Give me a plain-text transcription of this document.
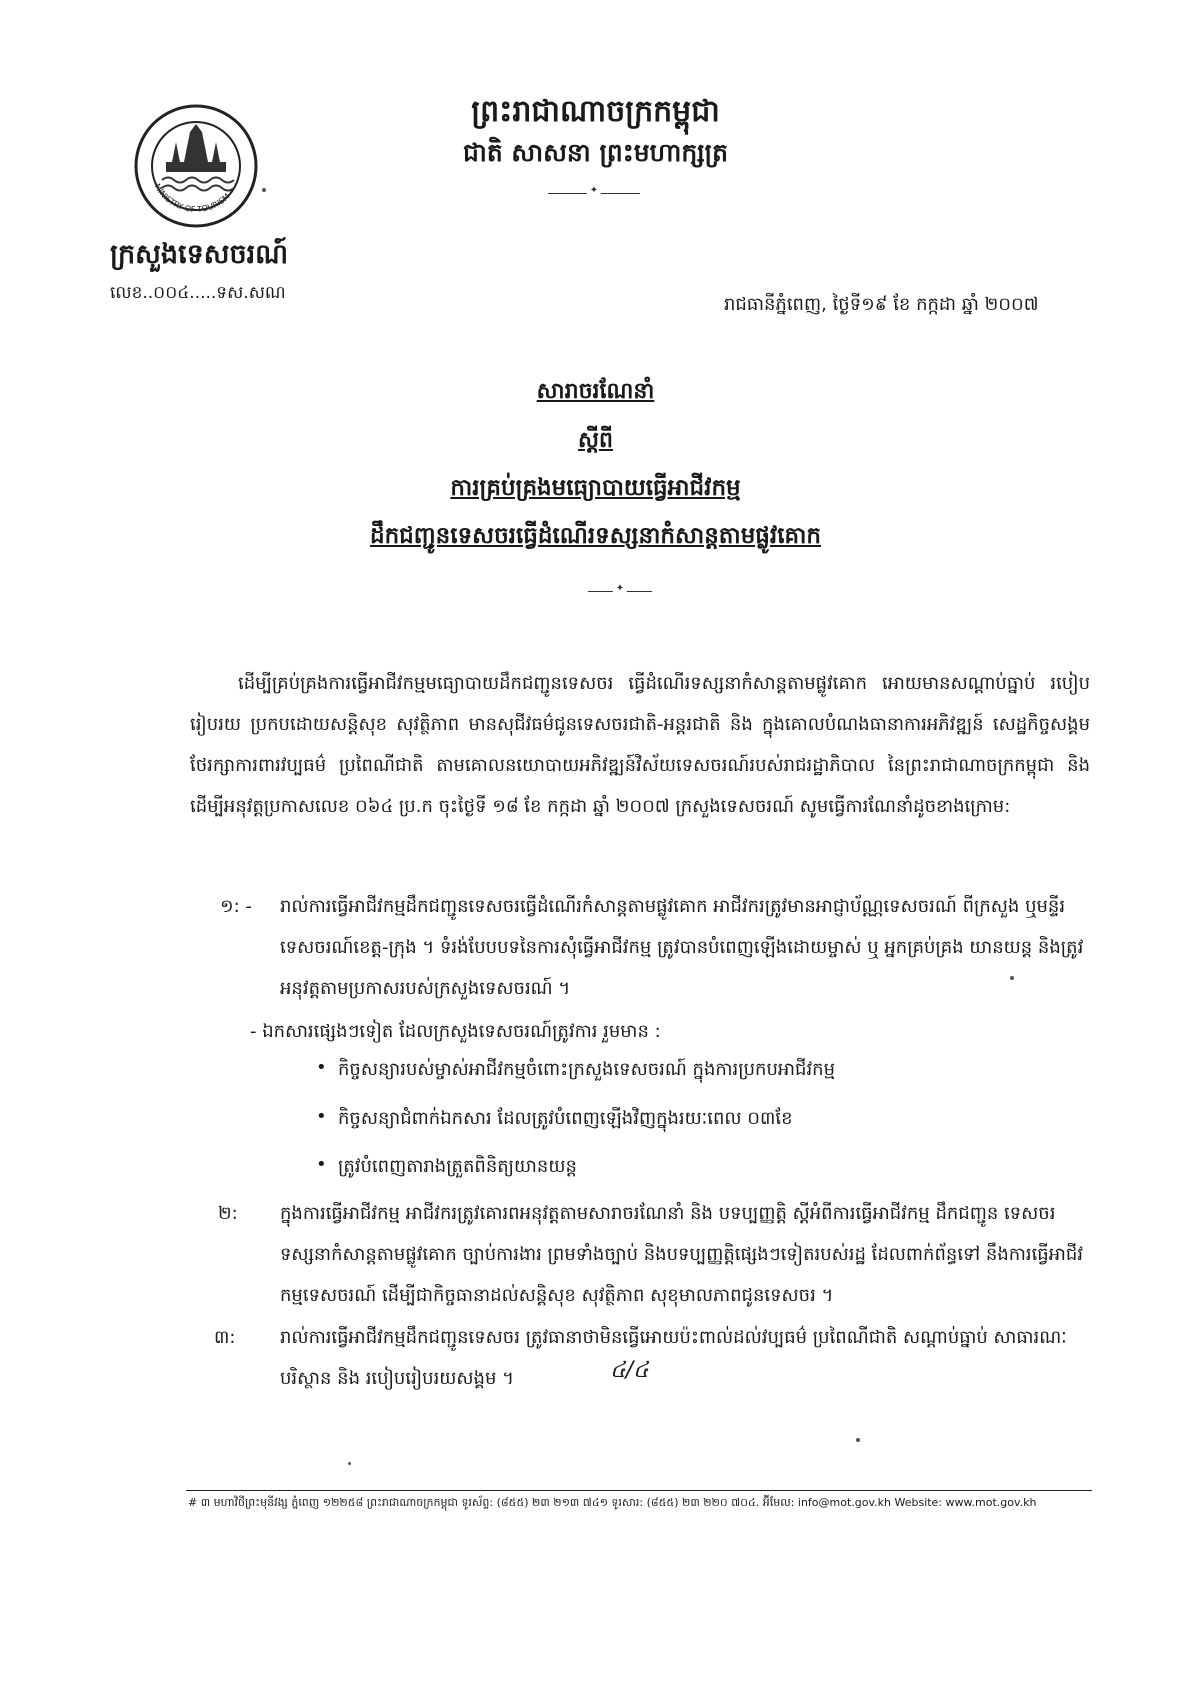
ព្រះរាជាណាចក្រកម្ពុជា
ជាតិ សាសនា ព្រះមហាក្សត្រ
✦
MINISTRY OF TOURISM
ក្រសួងទេសចរណ៍
លេខ..០០៤.....ទស.សណ
រាជធានីភ្នំពេញ, ថ្ងៃទី១៩ ខែ កក្កដា ឆ្នាំ ២០០៧
សារាចរណែនាំ
ស្តីពី
ការគ្រប់គ្រងមធ្យោបាយធ្វើអាជីវកម្ម
ដឹកជញ្ជូនទេសចរធ្វើដំណើរទស្សនាកំសាន្តតាមផ្លូវគោក
✦
ដើម្បីគ្រប់គ្រងការធ្វើអាជីវកម្មមធ្យោបាយដឹកជញ្ជូនទេសចរ ធ្វើដំណើរទស្សនាកំសាន្តតាមផ្លូវគោក អោយមានសណ្តាប់ធ្នាប់ របៀបរៀបរយ ប្រកបដោយសន្តិសុខ សុវត្ថិភាព មានសុជីវធម៌ជូនទេសចរជាតិ-អន្តរជាតិ និង ក្នុងគោលបំណងធានាការអភិវឌ្ឍន៍ សេដ្ឋកិច្ចសង្គម ថែរក្សាការពារវប្បធម៌ ប្រពៃណីជាតិ តាមគោលនយោបាយអភិវឌ្ឍន៍វិស័យទេសចរណ៍របស់រាជរដ្ឋាភិបាល នៃព្រះរាជាណាចក្រកម្ពុជា និងដើម្បីអនុវត្តប្រកាសលេខ ០៦៤ ប្រ.ក ចុះថ្ងៃទី ១៨ ខែ កក្កដា ឆ្នាំ ២០០៧ ក្រសួងទេសចរណ៍ សូមធ្វើការណែនាំដូចខាងក្រោម:
១: - រាល់ការធ្វើអាជីវកម្មដឹកជញ្ជូនទេសចរធ្វើដំណើរកំសាន្តតាមផ្លូវគោក អាជីវករត្រូវមានអាជ្ញាប័ណ្ណទេសចរណ៍ ពីក្រសួង ឬមន្ទីរទេសចរណ៍ខេត្ត-ក្រុង ។ ទំរង់បែបបទនៃការសុំធ្វើអាជីវកម្ម ត្រូវបានបំពេញឡើងដោយម្ចាស់ ឬ អ្នកគ្រប់គ្រង យានយន្ត និងត្រូវអនុវត្តតាមប្រកាសរបស់ក្រសួងទេសចរណ៍ ។
- ឯកសារផ្សេងៗទៀត ដែលក្រសួងទេសចរណ៍ត្រូវការ រួមមាន :
• កិច្ចសន្យារបស់ម្ចាស់អាជីវកម្មចំពោះក្រសួងទេសចរណ៍ ក្នុងការប្រកបអាជីវកម្ម
• កិច្ចសន្យាជំពាក់ឯកសារ ដែលត្រូវបំពេញឡើងវិញក្នុងរយៈពេល ០៣ខែ
• ត្រូវបំពេញតារាងត្រួតពិនិត្យយានយន្ត
២: ក្នុងការធ្វើអាជីវកម្ម អាជីវករត្រូវគោរពអនុវត្តតាមសារាចរណែនាំ និង បទប្បញ្ញត្តិ ស្តីអំពីការធ្វើអាជីវកម្ម ដឹកជញ្ជូន ទេសចរទស្សនាកំសាន្តតាមផ្លូវគោក ច្បាប់ការងារ ព្រមទាំងច្បាប់ និងបទប្បញ្ញត្តិផ្សេងៗទៀតរបស់រដ្ឋ ដែលពាក់ព័ន្ធទៅ នឹងការធ្វើអាជីវកម្មទេសចរណ៍ ដើម្បីជាកិច្ចធានាដល់សន្តិសុខ សុវត្ថិភាព សុខុមាលភាពជូនទេសចរ ។
៣: រាល់ការធ្វើអាជីវកម្មដឹកជញ្ជូនទេសចរ ត្រូវធានាថាមិនធ្វើអោយប៉ះពាល់ដល់វប្បធម៌ ប្រពៃណីជាតិ សណ្តាប់ធ្នាប់ សាធារណៈ បរិស្ថាន និង របៀបរៀបរយសង្គម ។	៤/៤
# ៣ មហាវិថីព្រះមុនីវង្ស ភ្នំពេញ ១២២៥៨ ព្រះរាជាណាចក្រកម្ពុជា ទូរស័ព្ទ: (៨៥៥) ២៣ ២១៣ ៧៤១ ទូរសារ: (៨៥៥) ២៣ ២២០ ៧០៤. អ៊ីមែល: info@mot.gov.kh Website: www.mot.gov.kh
